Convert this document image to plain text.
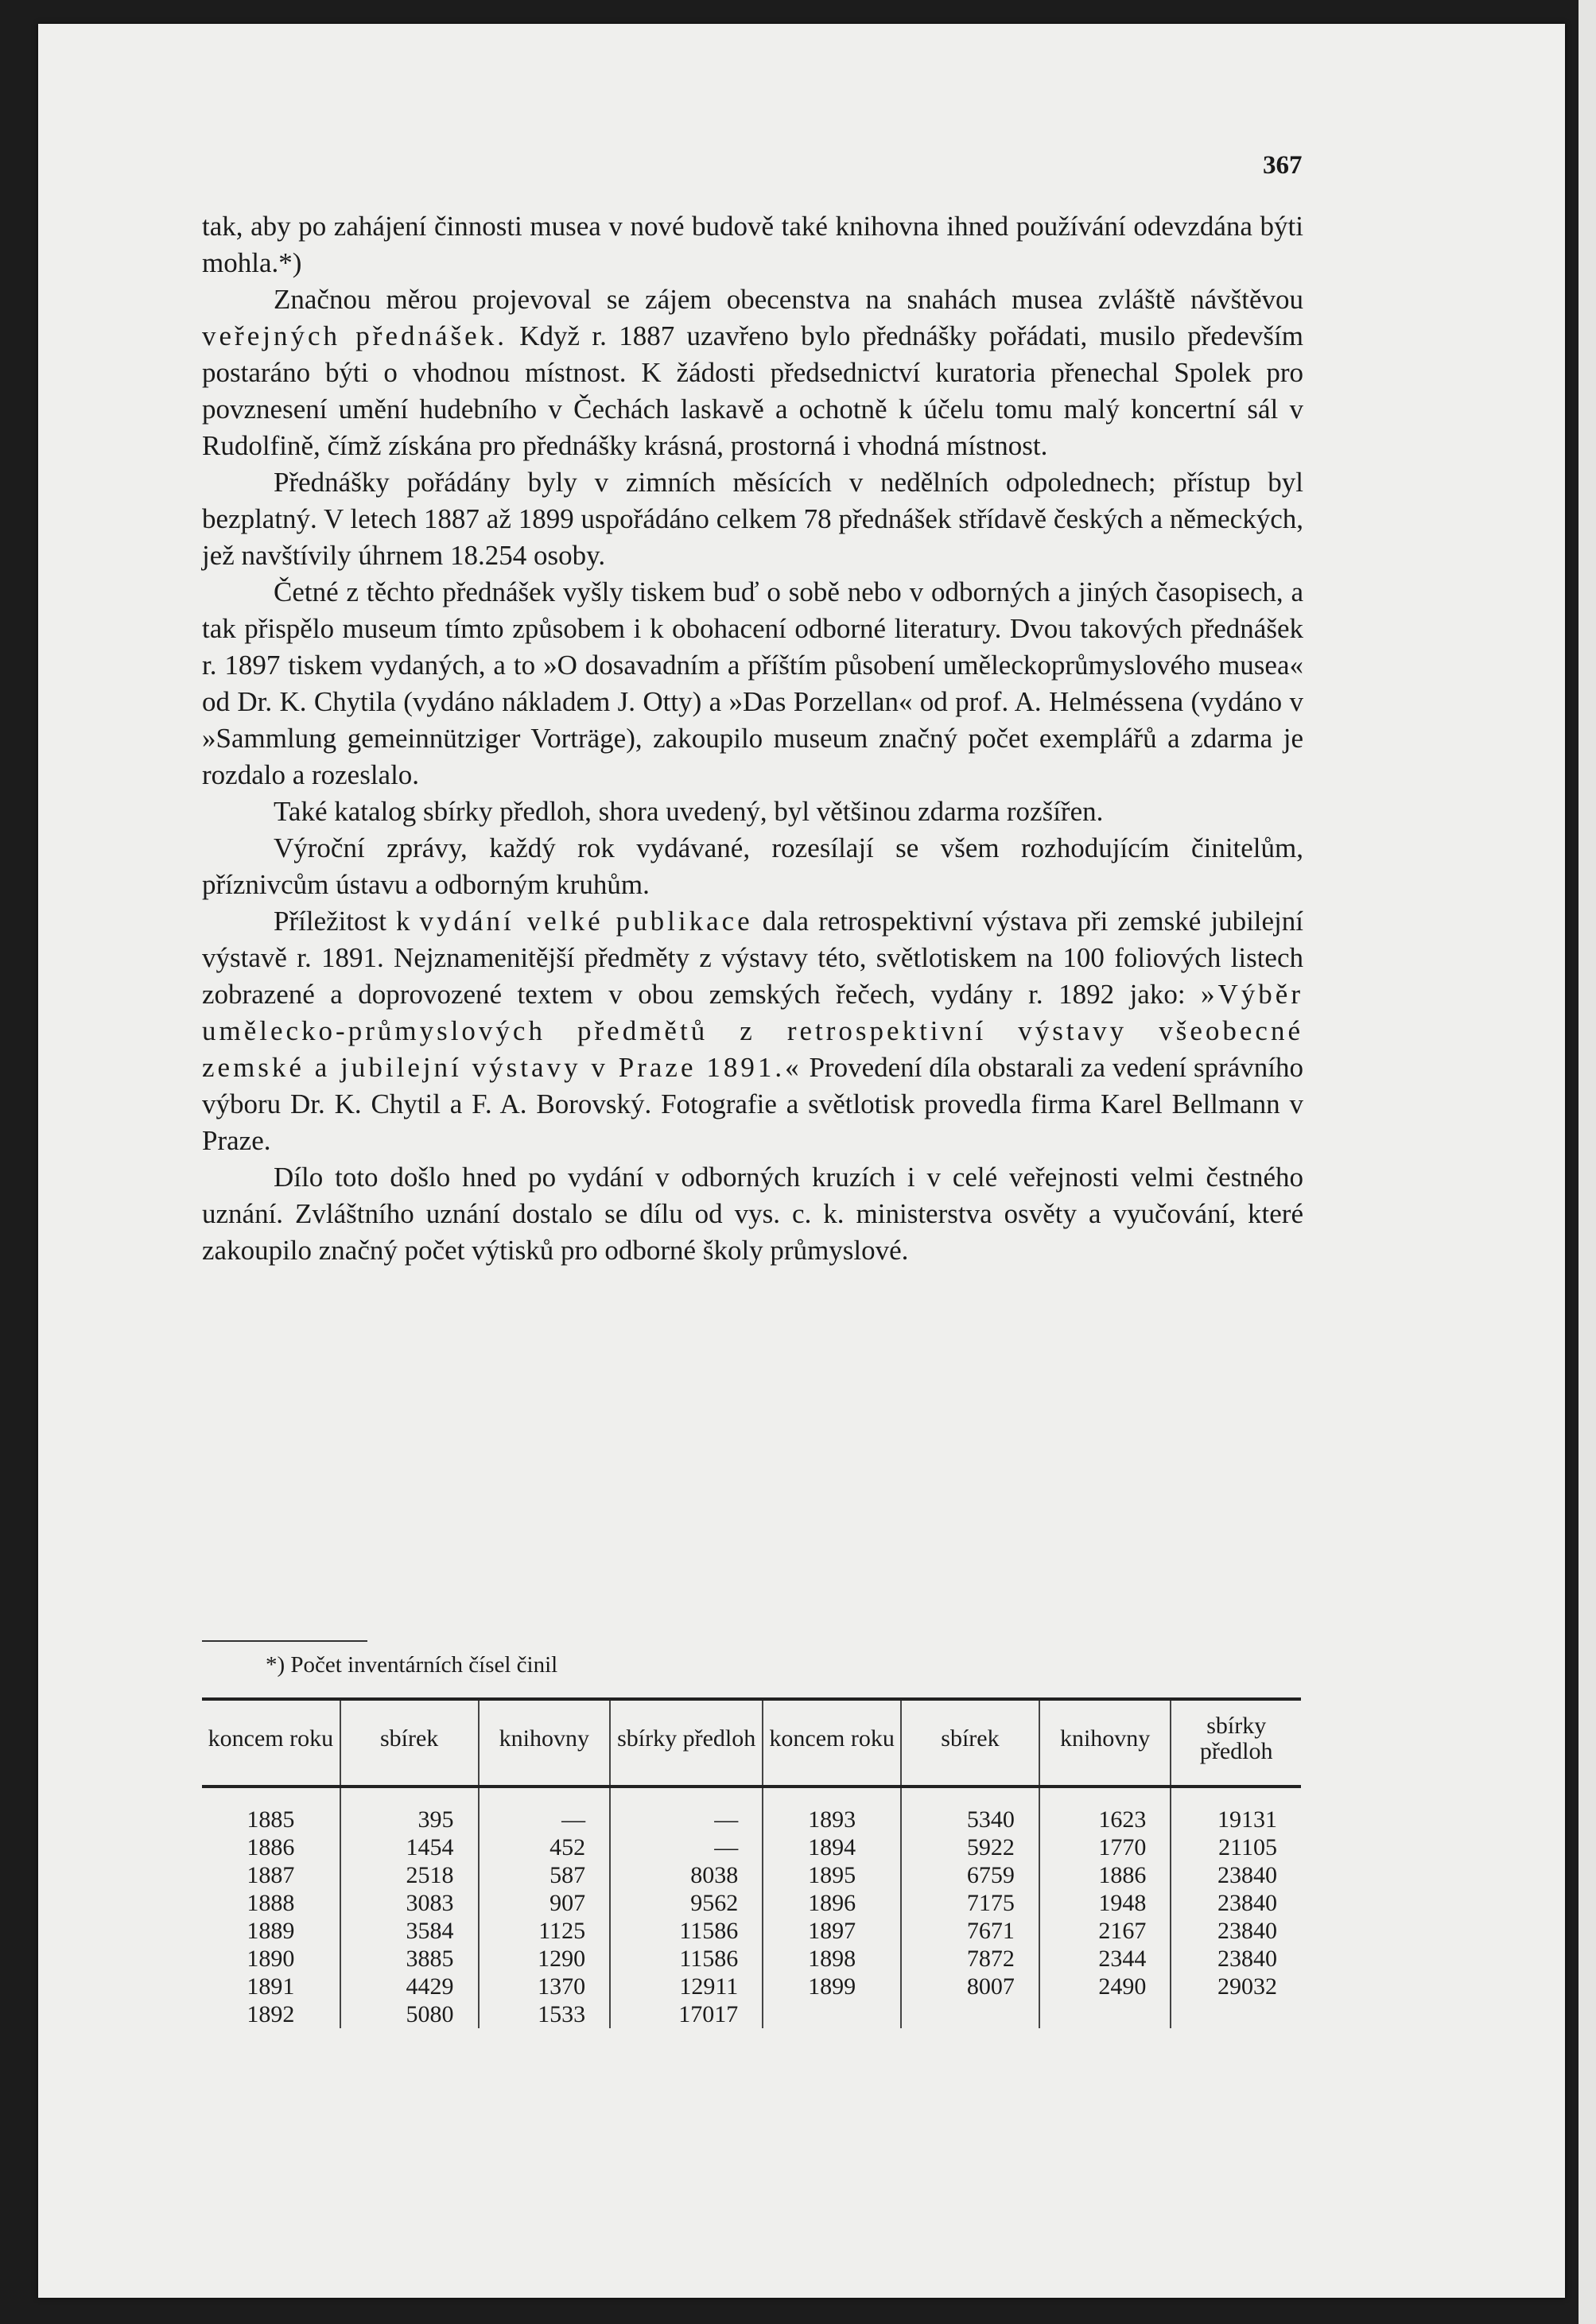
367

tak, aby po zahájení činnosti musea v nové budově také knihovna ihned používání odevzdána býti mohla.*)

Značnou měrou projevoval se zájem obecenstva na snahách musea zvláště návštěvou veřejných přednášek. Když r. 1887 uzavřeno bylo přednášky pořádati, musilo především postaráno býti o vhodnou místnost. K žádosti předsednictví kuratoria přenechal Spolek pro povznesení umění hudebního v Čechách laskavě a ochotně k účelu tomu malý koncertní sál v Rudolfině, čímž získána pro přednášky krásná, prostorná i vhodná místnost.

Přednášky pořádány byly v zimních měsících v nedělních odpolednech; přístup byl bezplatný. V letech 1887 až 1899 uspořádáno celkem 78 přednášek střídavě českých a německých, jež navštívily úhrnem 18.254 osoby.

Četné z těchto přednášek vyšly tiskem buď o sobě nebo v odborných a jiných časopisech, a tak přispělo museum tímto způsobem i k obohacení odborné literatury. Dvou takových přednášek r. 1897 tiskem vydaných, a to »O dosavadním a příštím působení uměleckoprůmyslového musea« od Dr. K. Chytila (vydáno nákladem J. Otty) a »Das Porzellan« od prof. A. Helméssena (vydáno v »Sammlung gemeinnütziger Vorträge), zakoupilo museum značný počet exemplářů a zdarma je rozdalo a rozeslalo.

Také katalog sbírky předloh, shora uvedený, byl většinou zdarma rozšířen.

Výroční zprávy, každý rok vydávané, rozesílají se všem rozhodujícím činitelům, příznivcům ústavu a odborným kruhům.

Příležitost k vydání velké publikace dala retrospektivní výstava při zemské jubilejní výstavě r. 1891. Nejznamenitější předměty z výstavy této, světlotiskem na 100 foliových listech zobrazené a doprovozené textem v obou zemských řečech, vydány r. 1892 jako: »Výběr umělecko-průmyslových předmětů z retrospektivní výstavy všeobecné zemské a jubilejní výstavy v Praze 1891.« Provedení díla obstarali za vedení správního výboru Dr. K. Chytil a F. A. Borovský. Fotografie a světlotisk provedla firma Karel Bellmann v Praze.

Dílo toto došlo hned po vydání v odborných kruzích i v celé veřejnosti velmi čestného uznání. Zvláštního uznání dostalo se dílu od vys. c. k. ministerstva osvěty a vyučování, které zakoupilo značný počet výtisků pro odborné školy průmyslové.

*) Počet inventárních čísel činil
koncem roku	sbírek	knihovny	sbírky předloh	koncem roku	sbírek	knihovny	sbírky předloh

1885	395	—	—	1893	5340	1623	19131
1886	1454	452	—	1894	5922	1770	21105
1887	2518	587	8038	1895	6759	1886	23840
1888	3083	907	9562	1896	7175	1948	23840
1889	3584	1125	11586	1897	7671	2167	23840
1890	3885	1290	11586	1898	7872	2344	23840
1891	4429	1370	12911	1899	8007	2490	29032
1892	5080	1533	17017				
